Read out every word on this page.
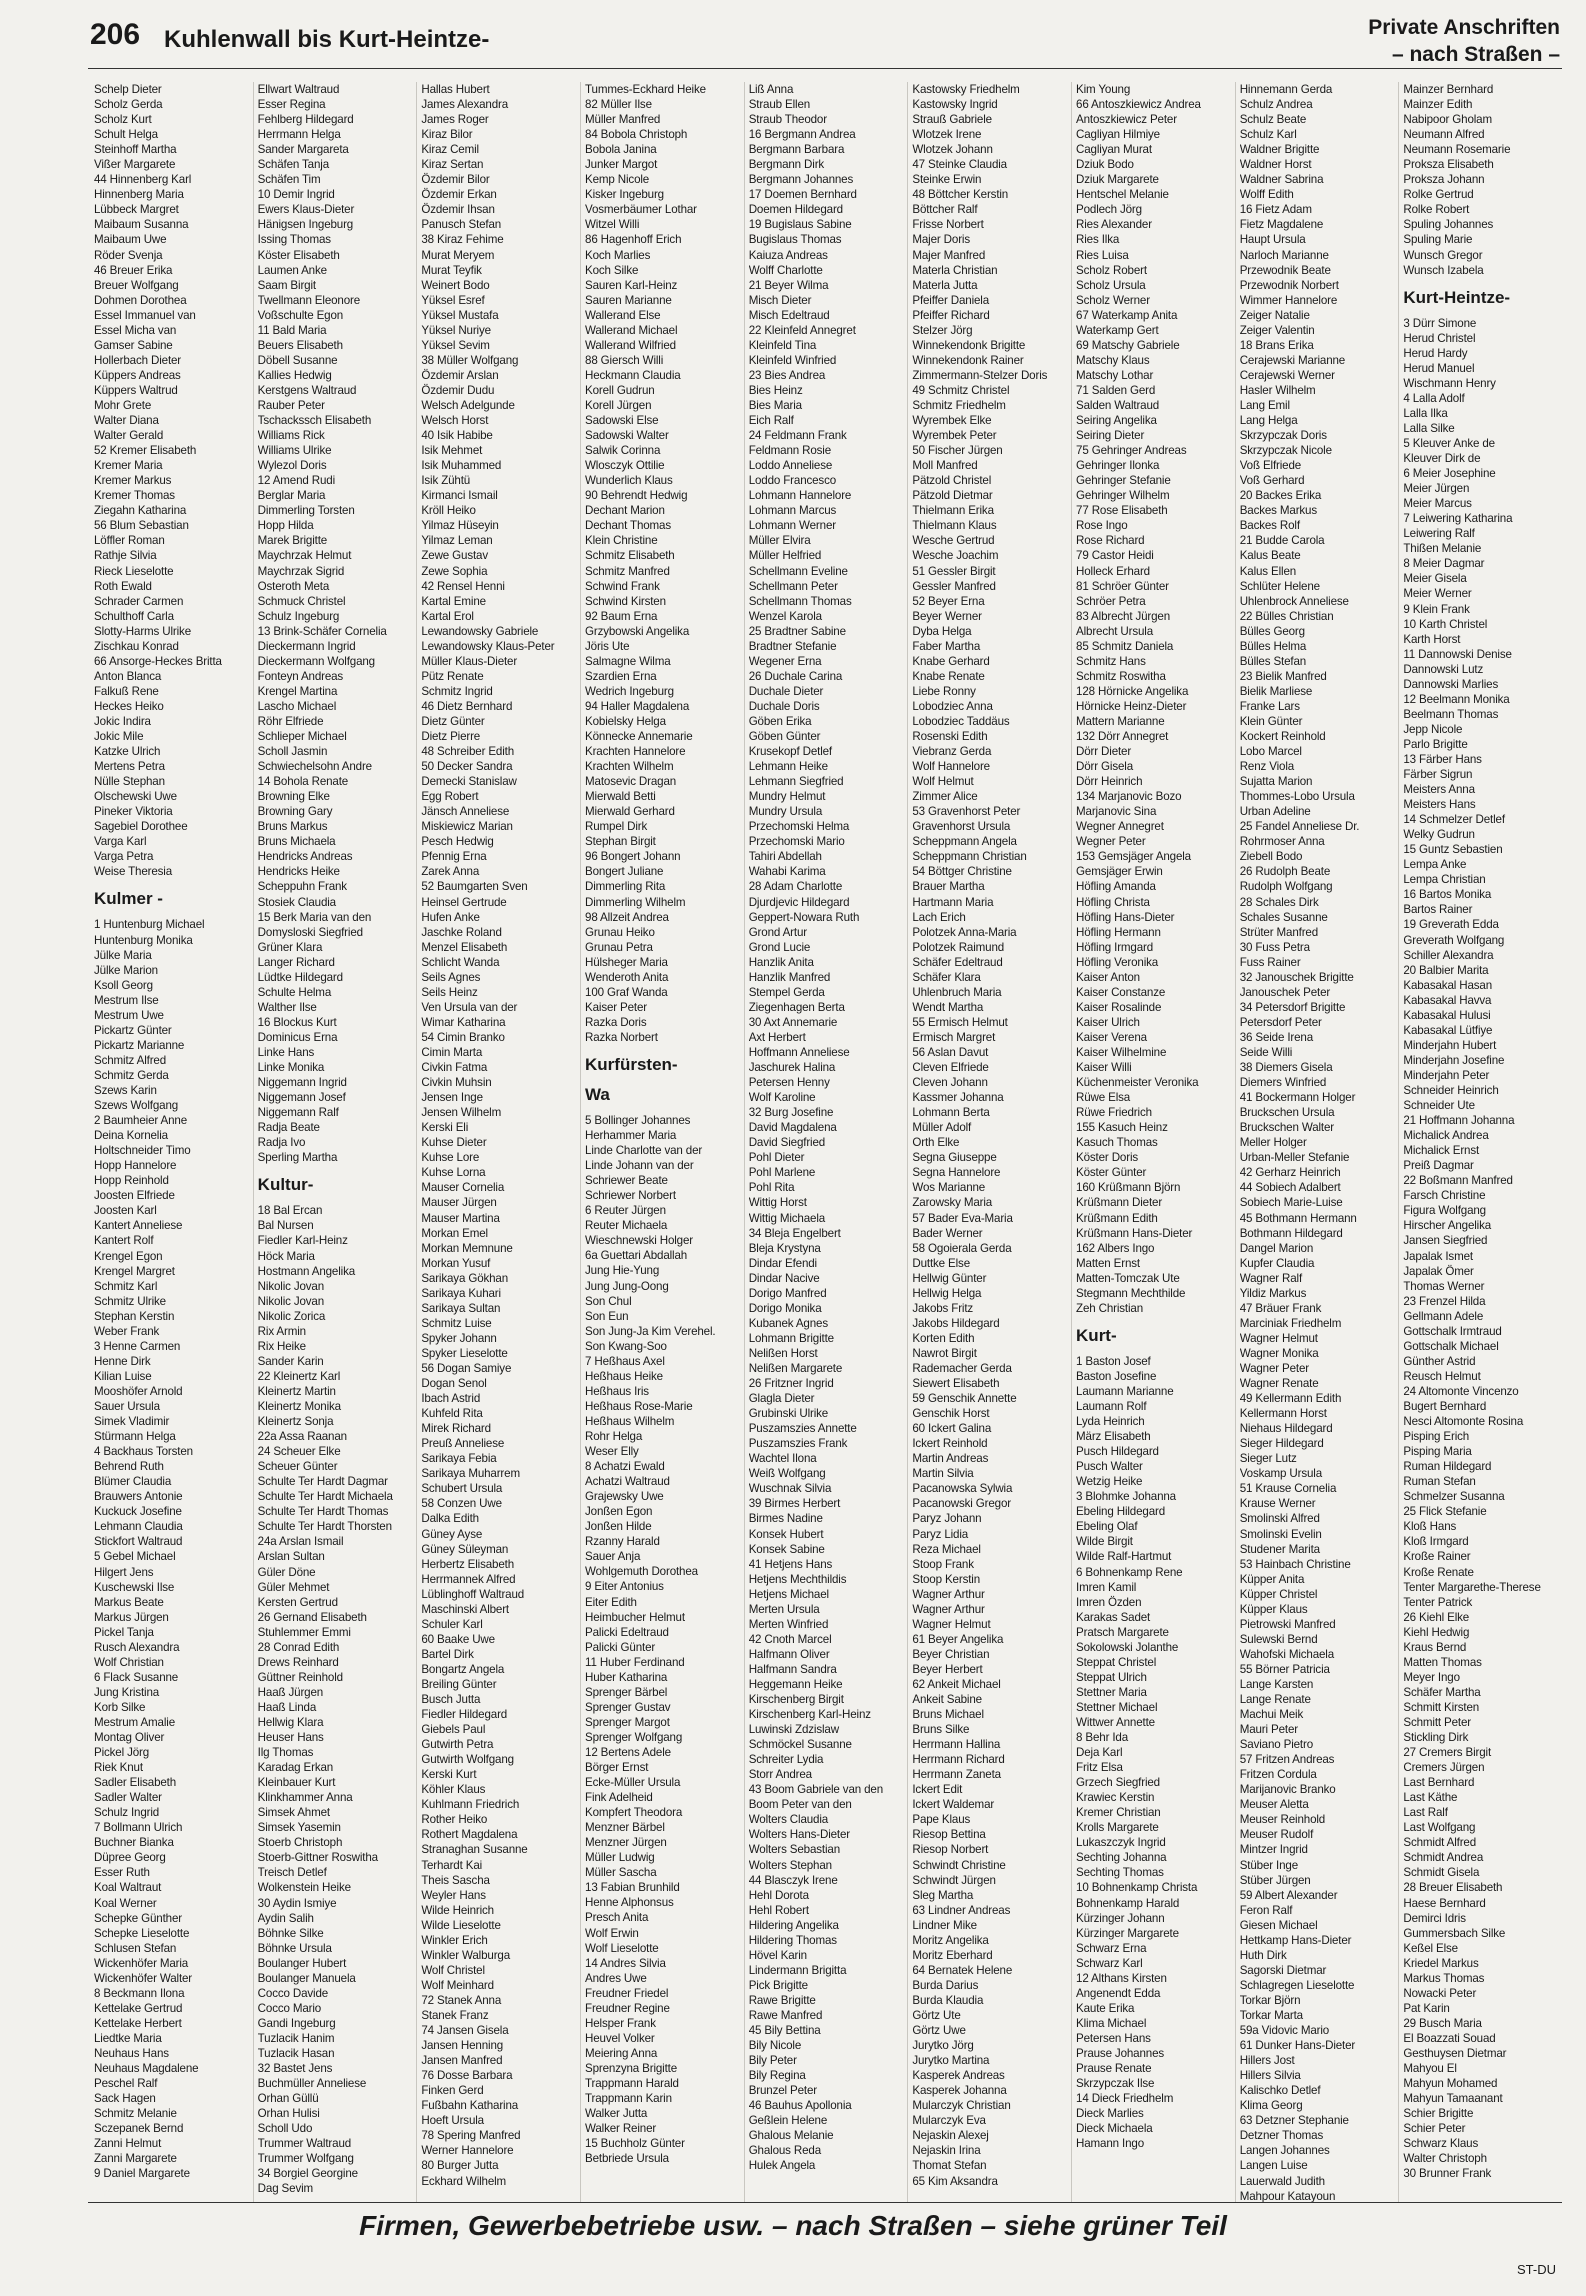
206 Kuhlenwall bis Kurt-Heintze-	Private Anschriften
– nach Straßen –
Schelp Dieter
Scholz Gerda
Scholz Kurt
Schult Helga
Steinhoff Martha
Vißer Margarete
44 Hinnenberg Karl
Hinnenberg Maria
Lübbeck Margret
Maibaum Susanna
Maibaum Uwe
Röder Svenja
46 Breuer Erika
Breuer Wolfgang
Dohmen Dorothea
Essel Immanuel van
Essel Micha van
Gamser Sabine
Hollerbach Dieter
Küppers Andreas
Küppers Waltrud
Mohr Grete
Walter Diana
Walter Gerald
52 Kremer Elisabeth
Kremer Maria
Kremer Markus
Kremer Thomas
Ziegahn Katharina
56 Blum Sebastian
Löffler Roman
Rathje Silvia
Rieck Lieselotte
Roth Ewald
Schrader Carmen
Schulthoff Carla
Slotty-Harms Ulrike
Zischkau Konrad
66 Ansorge-Heckes Britta
Anton Blanca
Falkuß Rene
Heckes Heiko
Jokic Indira
Jokic Mile
Katzke Ulrich
Mertens Petra
Nülle Stephan
Olschewski Uwe
Pineker Viktoria
Sagebiel Dorothee
Varga Karl
Varga Petra
Weise Theresia
Kulmer -
1 Huntenburg Michael
Huntenburg Monika
Jülke Maria
Jülke Marion
Ksoll Georg
Mestrum Ilse
Mestrum Uwe
Pickartz Günter
Pickartz Marianne
Schmitz Alfred
Schmitz Gerda
Szews Karin
Szews Wolfgang
2 Baumheier Anne
Deina Kornelia
Holtschneider Timo
Hopp Hannelore
Hopp Reinhold
Joosten Elfriede
Joosten Karl
Kantert Anneliese
Kantert Rolf
Krengel Egon
Krengel Margret
Schmitz Karl
Schmitz Ulrike
Stephan Kerstin
Weber Frank
3 Henne Carmen
Henne Dirk
Kilian Luise
Mooshöfer Arnold
Sauer Ursula
Simek Vladimir
Stürmann Helga
4 Backhaus Torsten
Behrend Ruth
Blümer Claudia
Brauwers Antonie
Kuckuck Josefine
Lehmann Claudia
Stickfort Waltraud
5 Gebel Michael
Hilgert Jens
Kuschewski Ilse
Markus Beate
Markus Jürgen
Pickel Tanja
Rusch Alexandra
Wolf Christian
6 Flack Susanne
Jung Kristina
Korb Silke
Mestrum Amalie
Montag Oliver
Pickel Jörg
Riek Knut
Sadler Elisabeth
Sadler Walter
Schulz Ingrid
7 Bollmann Ulrich
Buchner Bianka
Düpree Georg
Esser Ruth
Koal Waltraut
Koal Werner
Schepke Günther
Schepke Lieselotte
Schlusen Stefan
Wickenhöfer Maria
Wickenhöfer Walter
8 Beckmann Ilona
Kettelake Gertrud
Kettelake Herbert
Liedtke Maria
Neuhaus Hans
Neuhaus Magdalene
Peschel Ralf
Sack Hagen
Schmitz Melanie
Sczepanek Bernd
Zanni Helmut
Zanni Margarete
9 Daniel Margarete
Ellwart Waltraud
Esser Regina
Fehlberg Hildegard
Herrmann Helga
Sander Margareta
Schäfen Tanja
Schäfen Tim
10 Demir Ingrid
Ewers Klaus-Dieter
Hänigsen Ingeburg
Issing Thomas
Köster Elisabeth
Laumen Anke
Saam Birgit
Twellmann Eleonore
Voßschulte Egon
11 Bald Maria
Beuers Elisabeth
Döbell Susanne
Kallies Hedwig
Kerstgens Waltraud
Rauber Peter
Tschackssch Elisabeth
Williams Rick
Williams Ulrike
Wylezol Doris
12 Amend Rudi
Berglar Maria
Dimmerling Torsten
Hopp Hilda
Marek Brigitte
Maychrzak Helmut
Maychrzak Sigrid
Osteroth Meta
Schmuck Christel
Schulz Ingeburg
13 Brink-Schäfer Cornelia
Dieckermann Ingrid
Dieckermann Wolfgang
Fonteyn Andreas
Krengel Martina
Lascho Michael
Röhr Elfriede
Schlieper Michael
Scholl Jasmin
Schwiechelsohn Andre
14 Bohola Renate
Browning Elke
Browning Gary
Bruns Markus
Bruns Michaela
Hendricks Andreas
Hendricks Heike
Scheppuhn Frank
Stosiek Claudia
15 Berk Maria van den
Domysloski Siegfried
Grüner Klara
Langer Richard
Lüdtke Hildegard
Schulte Helma
Walther Ilse
16 Blockus Kurt
Dominicus Erna
Linke Hans
Linke Monika
Niggemann Ingrid
Niggemann Josef
Niggemann Ralf
Radja Beate
Radja Ivo
Sperling Martha
Kultur-
18 Bal Ercan
Bal Nursen
Fiedler Karl-Heinz
Höck Maria
Hostmann Angelika
Nikolic Jovan
Nikolic Jovan
Nikolic Zorica
Rix Armin
Rix Heike
Sander Karin
22 Kleinertz Karl
Kleinertz Martin
Kleinertz Monika
Kleinertz Sonja
22a Assa Raanan
24 Scheuer Elke
Scheuer Günter
Schulte Ter Hardt Dagmar
Schulte Ter Hardt Michaela
Schulte Ter Hardt Thomas
Schulte Ter Hardt Thorsten
24a Arslan Ismail
Arslan Sultan
Güler Döne
Güler Mehmet
Kersten Gertrud
26 Gernand Elisabeth
Stuhlemmer Emmi
28 Conrad Edith
Drews Reinhard
Güttner Reinhold
Haaß Jürgen
Haaß Linda
Hellwig Klara
Heuser Hans
Ilg Thomas
Karadag Erkan
Kleinbauer Kurt
Klinkhammer Anna
Simsek Ahmet
Simsek Yasemin
Stoerb Christoph
Stoerb-Gittner Roswitha
Treisch Detlef
Wolkenstein Heike
30 Aydin Ismiye
Aydin Salih
Böhnke Silke
Böhnke Ursula
Boulanger Hubert
Boulanger Manuela
Cocco Davide
Cocco Mario
Gandi Ingeburg
Tuzlacik Hanim
Tuzlacik Hasan
32 Bastet Jens
Buchmüller Anneliese
Orhan Güllü
Orhan Hulisi
Scholl Udo
Trummer Waltraud
Trummer Wolfgang
34 Borgiel Georgine
Dag Sevim
Hallas Hubert
James Alexandra
James Roger
Kiraz Bilor
Kiraz Cemil
Kiraz Sertan
Özdemir Bilor
Özdemir Erkan
Özdemir Ihsan
Panusch Stefan
38 Kiraz Fehime
Murat Meryem
Murat Teyfik
Weinert Bodo
Yüksel Esref
Yüksel Mustafa
Yüksel Nuriye
Yüksel Sevim
38 Müller Wolfgang
Özdemir Arslan
Özdemir Dudu
Welsch Adelgunde
Welsch Horst
40 Isik Habibe
Isik Mehmet
Isik Muhammed
Isik Zühtü
Kirmanci Ismail
Kröll Heiko
Yilmaz Hüseyin
Yilmaz Leman
Zewe Gustav
Zewe Sophia
42 Rensel Henni
Kartal Emine
Kartal Erol
Lewandowsky Gabriele
Lewandowsky Klaus-Peter
Müller Klaus-Dieter
Pütz Renate
Schmitz Ingrid
46 Dietz Bernhard
Dietz Günter
Dietz Pierre
48 Schreiber Edith
50 Decker Sandra
Demecki Stanislaw
Egg Robert
Jänsch Anneliese
Miskiewicz Marian
Pesch Hedwig
Pfennig Erna
Zarek Anna
52 Baumgarten Sven
Heinsel Gertrude
Hufen Anke
Jaschke Roland
Menzel Elisabeth
Schlicht Wanda
Seils Agnes
Seils Heinz
Ven Ursula van der
Wimar Katharina
54 Cimin Branko
Cimin Marta
Civkin Fatma
Civkin Muhsin
Jensen Inge
Jensen Wilhelm
Kerski Eli
Kuhse Dieter
Kuhse Lore
Kuhse Lorna
Mauser Cornelia
Mauser Jürgen
Mauser Martina
Morkan Emel
Morkan Memnune
Morkan Yusuf
Sarikaya Gökhan
Sarikaya Kuhari
Sarikaya Sultan
Schmitz Luise
Spyker Johann
Spyker Lieselotte
56 Dogan Samiye
Dogan Senol
Ibach Astrid
Kuhfeld Rita
Mirek Richard
Preuß Anneliese
Sarikaya Febia
Sarikaya Muharrem
Schubert Ursula
58 Conzen Uwe
Dalka Edith
Güney Ayse
Güney Süleyman
Herbertz Elisabeth
Herrmannek Alfred
Lüblinghoff Waltraud
Maschinski Albert
Schuler Karl
60 Baake Uwe
Bartel Dirk
Bongartz Angela
Breiling Günter
Busch Jutta
Fiedler Hildegard
Giebels Paul
Gutwirth Petra
Gutwirth Wolfgang
Kerski Kurt
Köhler Klaus
Kuhlmann Friedrich
Rother Heiko
Rothert Magdalena
Stranaghan Susanne
Terhardt Kai
Theis Sascha
Weyler Hans
Wilde Heinrich
Wilde Lieselotte
Winkler Erich
Winkler Walburga
Wolf Christel
Wolf Meinhard
72 Stanek Anna
Stanek Franz
74 Jansen Gisela
Jansen Henning
Jansen Manfred
76 Dosse Barbara
Finken Gerd
Fußbahn Katharina
Hoeft Ursula
78 Spering Manfred
Werner Hannelore
80 Burger Jutta
Eckhard Wilhelm
Tummes-Eckhard Heike
82 Müller Ilse
Müller Manfred
84 Bobola Christoph
Bobola Janina
Junker Margot
Kemp Nicole
Kisker Ingeburg
Vosmerbäumer Lothar
Witzel Willi
86 Hagenhoff Erich
Koch Marlies
Koch Silke
Sauren Karl-Heinz
Sauren Marianne
Wallerand Else
Wallerand Michael
Wallerand Wilfried
88 Giersch Willi
Heckmann Claudia
Korell Gudrun
Korell Jürgen
Sadowski Else
Sadowski Walter
Salwik Corinna
Wlosczyk Ottilie
Wunderlich Klaus
90 Behrendt Hedwig
Dechant Marion
Dechant Thomas
Klein Christine
Schmitz Elisabeth
Schmitz Manfred
Schwind Frank
Schwind Kirsten
92 Baum Erna
Grzybowski Angelika
Jöris Ute
Salmagne Wilma
Szardien Erna
Wedrich Ingeburg
94 Haller Magdalena
Kobielsky Helga
Könnecke Annemarie
Krachten Hannelore
Krachten Wilhelm
Matosevic Dragan
Mierwald Betti
Mierwald Gerhard
Rumpel Dirk
Stephan Birgit
96 Bongert Johann
Bongert Juliane
Dimmerling Rita
Dimmerling Wilhelm
98 Allzeit Andrea
Grunau Heiko
Grunau Petra
Hülsheger Maria
Wenderoth Anita
100 Graf Wanda
Kaiser Peter
Razka Doris
Razka Norbert
Kurfürsten-
Wa
5 Bollinger Johannes
Herhammer Maria
Linde Charlotte van der
Linde Johann van der
Schriewer Beate
Schriewer Norbert
6 Reuter Jürgen
Reuter Michaela
Wieschnewski Holger
6a Guettari Abdallah
Jung Hie-Yung
Jung Jung-Oong
Son Chul
Son Eun
Son Jung-Ja Kim Verehel.
Son Kwang-Soo
7 Heßhaus Axel
Heßhaus Heike
Heßhaus Iris
Heßhaus Rose-Marie
Heßhaus Wilhelm
Rohr Helga
Weser Elly
8 Achatzi Ewald
Achatzi Waltraud
Grajewsky Uwe
Jonßen Egon
Jonßen Hilde
Rzanny Harald
Sauer Anja
Wohlgemuth Dorothea
9 Eiter Antonius
Eiter Edith
Heimbucher Helmut
Palicki Edeltraud
Palicki Günter
11 Huber Ferdinand
Huber Katharina
Sprenger Bärbel
Sprenger Gustav
Sprenger Margot
Sprenger Wolfgang
12 Bertens Adele
Börger Ernst
Ecke-Müller Ursula
Fink Adelheid
Kompfert Theodora
Menzner Bärbel
Menzner Jürgen
Müller Ludwig
Müller Sascha
13 Fabian Brunhild
Henne Alphonsus
Presch Anita
Wolf Erwin
Wolf Lieselotte
14 Andres Silvia
Andres Uwe
Freudner Friedel
Freudner Regine
Helsper Frank
Heuvel Volker
Meiering Anna
Sprenzyna Brigitte
Trappmann Harald
Trappmann Karin
Walker Jutta
Walker Reiner
15 Buchholz Günter
Betbriede Ursula
Liß Anna
Straub Ellen
Straub Theodor
16 Bergmann Andrea
Bergmann Barbara
Bergmann Dirk
Bergmann Johannes
17 Doemen Bernhard
Doemen Hildegard
19 Bugislaus Sabine
Bugislaus Thomas
Kaiuza Andreas
Wolff Charlotte
21 Beyer Wilma
Misch Dieter
Misch Edeltraud
22 Kleinfeld Annegret
Kleinfeld Tina
Kleinfeld Winfried
23 Bies Andrea
Bies Heinz
Bies Maria
Eich Ralf
24 Feldmann Frank
Feldmann Rosie
Loddo Anneliese
Loddo Francesco
Lohmann Hannelore
Lohmann Marcus
Lohmann Werner
Müller Elvira
Müller Helfried
Schellmann Eveline
Schellmann Peter
Schellmann Thomas
Wenzel Karola
25 Bradtner Sabine
Bradtner Stefanie
Wegener Erna
26 Duchale Carina
Duchale Dieter
Duchale Doris
Göben Erika
Göben Günter
Krusekopf Detlef
Lehmann Heike
Lehmann Siegfried
Mundry Helmut
Mundry Ursula
Przechomski Helma
Przechomski Mario
Tahiri Abdellah
Wahabi Karima
28 Adam Charlotte
Djurdjevic Hildegard
Geppert-Nowara Ruth
Grond Artur
Grond Lucie
Hanzlik Anita
Hanzlik Manfred
Stempel Gerda
Ziegenhagen Berta
30 Axt Annemarie
Axt Herbert
Hoffmann Anneliese
Jaschurek Halina
Petersen Henny
Wolf Karoline
32 Burg Josefine
David Magdalena
David Siegfried
Pohl Dieter
Pohl Marlene
Pohl Rita
Wittig Horst
Wittig Michaela
34 Bleja Engelbert
Bleja Krystyna
Dindar Efendi
Dindar Nacive
Dorigo Manfred
Dorigo Monika
Kubanek Agnes
Lohmann Brigitte
Nelißen Horst
Nelißen Margarete
26 Fritzner Ingrid
Glagla Dieter
Grubinski Ulrike
Puszamszies Annette
Puszamszies Frank
Wachtel Ilona
Weiß Wolfgang
Wuschnak Silvia
39 Birmes Herbert
Birmes Nadine
Konsek Hubert
Konsek Sabine
41 Hetjens Hans
Hetjens Mechthildis
Hetjens Michael
Merten Ursula
Merten Winfried
42 Cnoth Marcel
Halfmann Oliver
Halfmann Sandra
Heggemann Heike
Kirschenberg Birgit
Kirschenberg Karl-Heinz
Luwinski Zdzislaw
Schmöckel Susanne
Schreiter Lydia
Storr Andrea
43 Boom Gabriele van den
Boom Peter van den
Wolters Claudia
Wolters Hans-Dieter
Wolters Sebastian
Wolters Stephan
44 Blasczyk Irene
Hehl Dorota
Hehl Robert
Hildering Angelika
Hildering Thomas
Hövel Karin
Lindermann Brigitta
Pick Brigitte
Rawe Brigitte
Rawe Manfred
45 Bily Bettina
Bily Nicole
Bily Peter
Bily Regina
Brunzel Peter
46 Bauhus Apollonia
Geßlein Helene
Ghalous Melanie
Ghalous Reda
Hulek Angela
Kastowsky Friedhelm
Kastowsky Ingrid
Strauß Gabriele
Wlotzek Irene
Wlotzek Johann
47 Steinke Claudia
Steinke Erwin
48 Böttcher Kerstin
Böttcher Ralf
Frisse Norbert
Majer Doris
Majer Manfred
Materla Christian
Materla Jutta
Pfeiffer Daniela
Pfeiffer Richard
Stelzer Jörg
Winnekendonk Brigitte
Winnekendonk Rainer
Zimmermann-Stelzer Doris
49 Schmitz Christel
Schmitz Friedhelm
Wyrembek Elke
Wyrembek Peter
50 Fischer Jürgen
Moll Manfred
Pätzold Christel
Pätzold Dietmar
Thielmann Erika
Thielmann Klaus
Wesche Gertrud
Wesche Joachim
51 Gessler Birgit
Gessler Manfred
52 Beyer Erna
Beyer Werner
Dyba Helga
Faber Martha
Knabe Gerhard
Knabe Renate
Liebe Ronny
Lobodziec Anna
Lobodziec Taddäus
Rosenski Edith
Viebranz Gerda
Wolf Hannelore
Wolf Helmut
Zimmer Alice
53 Gravenhorst Peter
Gravenhorst Ursula
Scheppmann Angela
Scheppmann Christian
54 Böttger Christine
Brauer Martha
Hartmann Maria
Lach Erich
Polotzek Anna-Maria
Polotzek Raimund
Schäfer Edeltraud
Schäfer Klara
Uhlenbruch Maria
Wendt Martha
55 Ermisch Helmut
Ermisch Margret
56 Aslan Davut
Cleven Elfriede
Cleven Johann
Kassmer Johanna
Lohmann Berta
Müller Adolf
Orth Elke
Segna Giuseppe
Segna Hannelore
Wos Marianne
Zarowsky Maria
57 Bader Eva-Maria
Bader Werner
58 Ogoierala Gerda
Duttke Else
Hellwig Günter
Hellwig Helga
Jakobs Fritz
Jakobs Hildegard
Korten Edith
Nawrot Birgit
Rademacher Gerda
Siewert Elisabeth
59 Genschik Annette
Genschik Horst
60 Ickert Galina
Ickert Reinhold
Martin Andreas
Martin Silvia
Pacanowska Sylwia
Pacanowski Gregor
Paryz Johann
Paryz Lidia
Reza Michael
Stoop Frank
Stoop Kerstin
Wagner Arthur
Wagner Arthur
Wagner Helmut
61 Beyer Angelika
Beyer Christian
Beyer Herbert
62 Ankeit Michael
Ankeit Sabine
Bruns Michael
Bruns Silke
Herrmann Hallina
Herrmann Richard
Herrmann Zaneta
Ickert Edit
Ickert Waldemar
Pape Klaus
Riesop Bettina
Riesop Norbert
Schwindt Christine
Schwindt Jürgen
Sleg Martha
63 Lindner Andreas
Lindner Mike
Moritz Angelika
Moritz Eberhard
64 Bernatek Helene
Burda Darius
Burda Klaudia
Görtz Ute
Görtz Uwe
Jurytko Jörg
Jurytko Martina
Kasperek Andreas
Kasperek Johanna
Mularczyk Christian
Mularczyk Eva
Nejaskin Alexej
Nejaskin Irina
Thomat Stefan
65 Kim Aksandra
Kim Young
66 Antoszkiewicz Andrea
Antoszkiewicz Peter
Cagliyan Hilmiye
Cagliyan Murat
Dziuk Bodo
Dziuk Margarete
Hentschel Melanie
Podlech Jörg
Ries Alexander
Ries Ilka
Ries Luisa
Scholz Robert
Scholz Ursula
Scholz Werner
67 Waterkamp Anita
Waterkamp Gert
69 Matschy Gabriele
Matschy Klaus
Matschy Lothar
71 Salden Gerd
Salden Waltraud
Seiring Angelika
Seiring Dieter
75 Gehringer Andreas
Gehringer Ilonka
Gehringer Stefanie
Gehringer Wilhelm
77 Rose Elisabeth
Rose Ingo
Rose Richard
79 Castor Heidi
Holleck Erhard
81 Schröer Günter
Schröer Petra
83 Albrecht Jürgen
Albrecht Ursula
85 Schmitz Daniela
Schmitz Hans
Schmitz Roswitha
128 Hörnicke Angelika
Hörnicke Heinz-Dieter
Mattern Marianne
132 Dörr Annegret
Dörr Dieter
Dörr Gisela
Dörr Heinrich
134 Marjanovic Bozo
Marjanovic Sina
Wegner Annegret
Wegner Peter
153 Gemsjäger Angela
Gemsjäger Erwin
Höfling Amanda
Höfling Christa
Höfling Hans-Dieter
Höfling Hermann
Höfling Irmgard
Höfling Veronika
Kaiser Anton
Kaiser Constanze
Kaiser Rosalinde
Kaiser Ulrich
Kaiser Verena
Kaiser Wilhelmine
Kaiser Willi
Küchenmeister Veronika
Rüwe Elsa
Rüwe Friedrich
155 Kasuch Heinz
Kasuch Thomas
Köster Doris
Köster Günter
160 Krüßmann Björn
Krüßmann Dieter
Krüßmann Edith
Krüßmann Hans-Dieter
162 Albers Ingo
Matten Ernst
Matten-Tomczak Ute
Stegmann Mechthilde
Zeh Christian
Kurt-
1 Baston Josef
Baston Josefine
Laumann Marianne
Laumann Rolf
Lyda Heinrich
März Elisabeth
Pusch Hildegard
Pusch Walter
Wetzig Heike
3 Blohmke Johanna
Ebeling Hildegard
Ebeling Olaf
Wilde Birgit
Wilde Ralf-Hartmut
6 Bohnenkamp Rene
Imren Kamil
Imren Özden
Karakas Sadet
Pratsch Margarete
Sokolowski Jolanthe
Steppat Christel
Steppat Ulrich
Stettner Maria
Stettner Michael
Wittwer Annette
8 Behr Ida
Deja Karl
Fritz Elsa
Grzech Siegfried
Krawiec Kerstin
Kremer Christian
Krolls Margarete
Lukaszczyk Ingrid
Sechting Johanna
Sechting Thomas
10 Bohnenkamp Christa
Bohnenkamp Harald
Kürzinger Johann
Kürzinger Margarete
Schwarz Erna
Schwarz Karl
12 Althans Kirsten
Angenendt Edda
Kaute Erika
Klima Michael
Petersen Hans
Prause Johannes
Prause Renate
Skrzypczak Ilse
14 Dieck Friedhelm
Dieck Marlies
Dieck Michaela
Hamann Ingo
Hinnemann Gerda
Schulz Andrea
Schulz Beate
Schulz Karl
Waldner Brigitte
Waldner Horst
Waldner Sabrina
Wolff Edith
16 Fietz Adam
Fietz Magdalene
Haupt Ursula
Narloch Marianne
Przewodnik Beate
Przewodnik Norbert
Wimmer Hannelore
Zeiger Natalie
Zeiger Valentin
18 Brans Erika
Cerajewski Marianne
Cerajewski Werner
Hasler Wilhelm
Lang Emil
Lang Helga
Skrzypczak Doris
Skrzypczak Nicole
Voß Elfriede
Voß Gerhard
20 Backes Erika
Backes Markus
Backes Rolf
21 Budde Carola
Kalus Beate
Kalus Ellen
Schlüter Helene
Uhlenbrock Anneliese
22 Bülles Christian
Bülles Georg
Bülles Helma
Bülles Stefan
23 Bielik Manfred
Bielik Marliese
Franke Lars
Klein Günter
Kockert Reinhold
Lobo Marcel
Renz Viola
Sujatta Marion
Thommes-Lobo Ursula
Urban Adeline
25 Fandel Anneliese Dr.
Rohrmoser Anna
Ziebell Bodo
26 Rudolph Beate
Rudolph Wolfgang
28 Schales Dirk
Schales Susanne
Strüter Manfred
30 Fuss Petra
Fuss Rainer
32 Janouschek Brigitte
Janouschek Peter
34 Petersdorf Brigitte
Petersdorf Peter
36 Seide Irena
Seide Willi
38 Diemers Gisela
Diemers Winfried
41 Bockermann Holger
Bruckschen Ursula
Bruckschen Walter
Meller Holger
Urban-Meller Stefanie
42 Gerharz Heinrich
44 Sobiech Adalbert
Sobiech Marie-Luise
45 Bothmann Hermann
Bothmann Hildegard
Dangel Marion
Kupfer Claudia
Wagner Ralf
Yildiz Markus
47 Bräuer Frank
Marciniak Friedhelm
Wagner Helmut
Wagner Monika
Wagner Peter
Wagner Renate
49 Kellermann Edith
Kellermann Horst
Niehaus Hildegard
Sieger Hildegard
Sieger Lutz
Voskamp Ursula
51 Krause Cornelia
Krause Werner
Smolinski Alfred
Smolinski Evelin
Studener Marita
53 Hainbach Christine
Küpper Anita
Küpper Christel
Küpper Klaus
Pietrowski Manfred
Sulewski Bernd
Wahofski Michaela
55 Börner Patricia
Lange Karsten
Lange Renate
Machui Meik
Mauri Peter
Saviano Pietro
57 Fritzen Andreas
Fritzen Cordula
Marijanovic Branko
Meuser Aletta
Meuser Reinhold
Meuser Rudolf
Mintzer Ingrid
Stüber Inge
Stüber Jürgen
59 Albert Alexander
Feron Ralf
Giesen Michael
Hettkamp Hans-Dieter
Huth Dirk
Sagorski Dietmar
Schlagregen Lieselotte
Torkar Björn
Torkar Marta
59a Vidovic Mario
61 Dunker Hans-Dieter
Hillers Jost
Hillers Silvia
Kalischko Detlef
Klima Georg
63 Detzner Stephanie
Detzner Thomas
Langen Johannes
Langen Luise
Lauerwald Judith
Mahpour Katayoun
Mainzer Bernhard
Mainzer Edith
Nabipoor Gholam
Neumann Alfred
Neumann Rosemarie
Proksza Elisabeth
Proksza Johann
Rolke Gertrud
Rolke Robert
Spuling Johannes
Spuling Marie
Wunsch Gregor
Wunsch Izabela
Kurt-Heintze-
3 Dürr Simone
Herud Christel
Herud Hardy
Herud Manuel
Wischmann Henry
4 Lalla Adolf
Lalla Ilka
Lalla Silke
5 Kleuver Anke de
Kleuver Dirk de
6 Meier Josephine
Meier Jürgen
Meier Marcus
7 Leiwering Katharina
Leiwering Ralf
Thißen Melanie
8 Meier Dagmar
Meier Gisela
Meier Werner
9 Klein Frank
10 Karth Christel
Karth Horst
11 Dannowski Denise
Dannowski Lutz
Dannowski Marlies
12 Beelmann Monika
Beelmann Thomas
Jepp Nicole
Parlo Brigitte
13 Färber Hans
Färber Sigrun
Meisters Anna
Meisters Hans
14 Schmelzer Detlef
Welky Gudrun
15 Guntz Sebastien
Lempa Anke
Lempa Christian
16 Bartos Monika
Bartos Rainer
19 Greverath Edda
Greverath Wolfgang
Schiller Alexandra
20 Balbier Marita
Kabasakal Hasan
Kabasakal Havva
Kabasakal Hulusi
Kabasakal Lütfiye
Minderjahn Hubert
Minderjahn Josefine
Minderjahn Peter
Schneider Heinrich
Schneider Ute
21 Hoffmann Johanna
Michalick Andrea
Michalick Ernst
Preiß Dagmar
22 Boßmann Manfred
Farsch Christine
Figura Wolfgang
Hirscher Angelika
Jansen Siegfried
Japalak Ismet
Japalak Ömer
Thomas Werner
23 Frenzel Hilda
Gellmann Adele
Gottschalk Irmtraud
Gottschalk Michael
Günther Astrid
Reusch Helmut
24 Altomonte Vincenzo
Bugert Bernhard
Nesci Altomonte Rosina
Pisping Erich
Pisping Maria
Ruman Hildegard
Ruman Stefan
Schmelzer Susanna
25 Flick Stefanie
Kloß Hans
Kloß Irmgard
Kroße Rainer
Kroße Renate
Tenter Margarethe-Therese
Tenter Patrick
26 Kiehl Elke
Kiehl Hedwig
Kraus Bernd
Matten Thomas
Meyer Ingo
Schäfer Martha
Schmitt Kirsten
Schmitt Peter
Stickling Dirk
27 Cremers Birgit
Cremers Jürgen
Last Bernhard
Last Käthe
Last Ralf
Last Wolfgang
Schmidt Alfred
Schmidt Andrea
Schmidt Gisela
28 Breuer Elisabeth
Haese Bernhard
Demirci Idris
Gummersbach Silke
Keßel Else
Kriedel Markus
Markus Thomas
Nowacki Peter
Pat Karin
29 Busch Maria
El Boazzati Souad
Gesthuysen Dietmar
Mahyou El
Mahyun Mohamed
Mahyun Tamaanant
Schier Brigitte
Schier Peter
Schwarz Klaus
Walter Christoph
30 Brunner Frank
Firmen, Gewerbebetriebe usw. – nach Straßen – siehe grüner Teil
ST-DU
